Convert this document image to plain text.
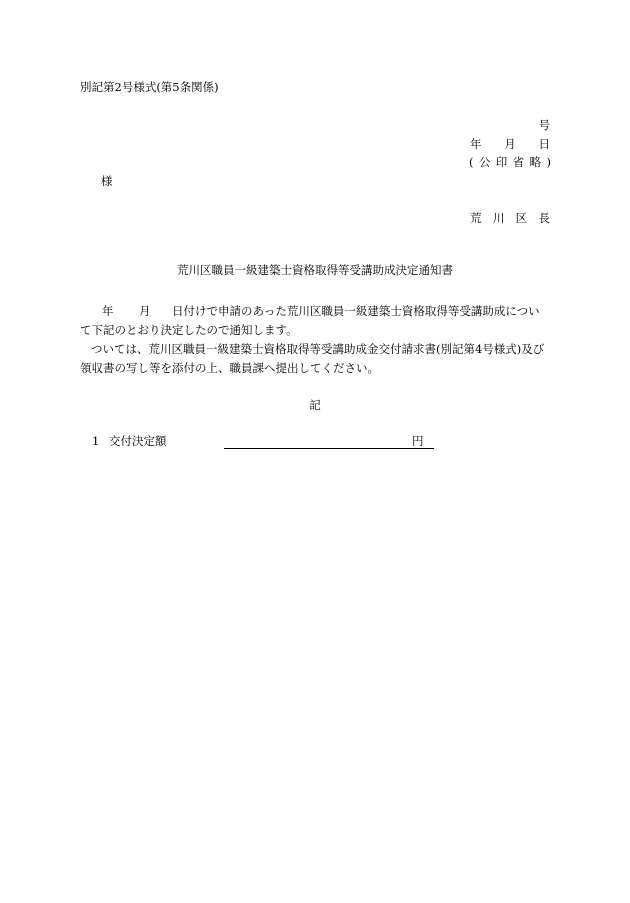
別記第2号様式(第5条関係)
号
年 月 日
( 公 印 省 略 )
様
荒 川 区 長
荒川区職員一級建築士資格取得等受講助成決定通知書
年	月	日付けで申請のあった荒川区職員一級建築士資格取得等受講助成につい
て下記のとおり決定したので通知します。
ついては、荒川区職員一級建築士資格取得等受講助成金交付請求書(別記第4号様式)及び
領収書の写し等を添付の上、職員課へ提出してください。
記
1 交付決定額	円
